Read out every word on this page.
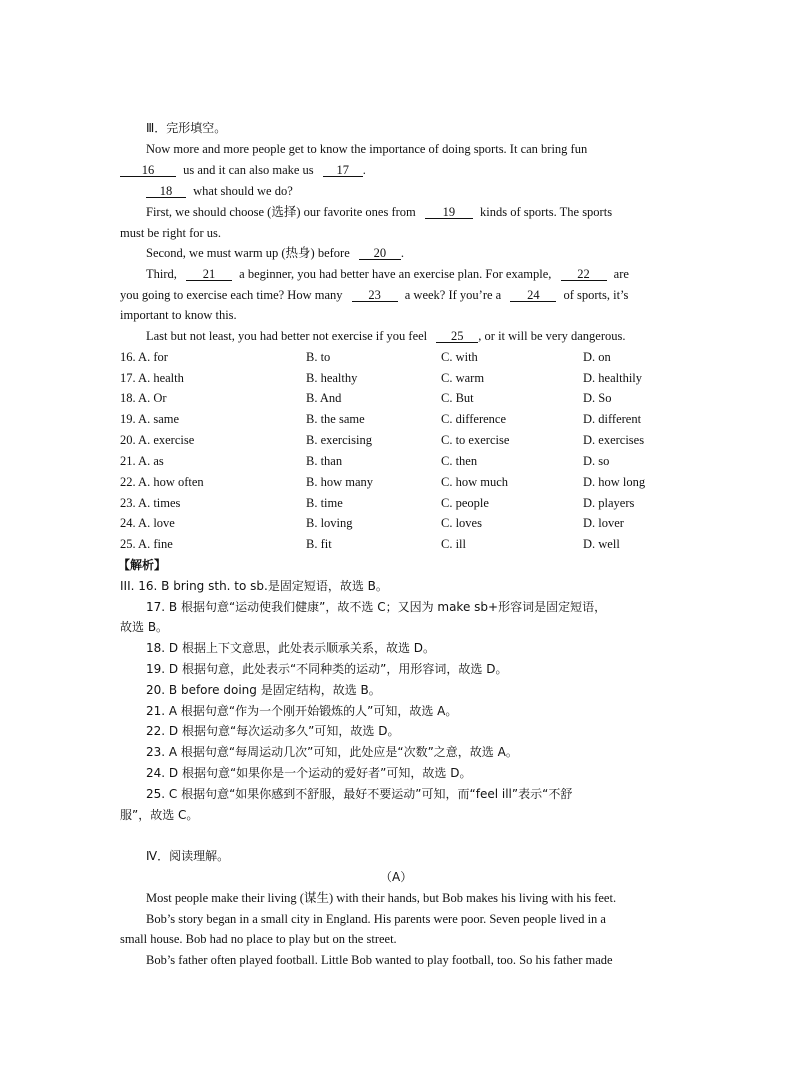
Ⅲ．完形填空。
Now more and more people get to know the importance of doing sports. It can bring fun
16 us and it can also make us 17 .
18 what should we do?
First, we should choose (选择) our favorite ones from 19 kinds of sports. The sports
must be right for us.
Second, we must warm up (热身) before 20 .
Third, 21 a beginner, you had better have an exercise plan. For example, 22 are
you going to exercise each time? How many 23 a week? If you’re a 24 of sports, it’s
important to know this.
Last but not least, you had better not exercise if you feel 25 , or it will be very dangerous.
16. A. for	B. to	C. with	D. on
17. A. health	B. healthy	C. warm	D. healthily
18. A. Or	B. And	C. But	D. So
19. A. same	B. the same	C. difference	D. different
20. A. exercise	B. exercising	C. to exercise	D. exercises
21. A. as	B. than	C. then	D. so
22. A. how often	B. how many	C. how much	D. how long
23. A. times	B. time	C. people	D. players
24. A. love	B. loving	C. loves	D. lover
25. A. fine	B. fit	C. ill	D. well
【解析】
III. 16. B bring sth. to sb.是固定短语，故选 B。
17. B 根据句意“运动使我们健康”，故不选 C；又因为 make sb+形容词是固定短语，
故选 B。
18. D 根据上下文意思，此处表示顺承关系，故选 D。
19. D 根据句意，此处表示“不同种类的运动”，用形容词，故选 D。
20. B before doing 是固定结构，故选 B。
21. A 根据句意“作为一个刚开始锻炼的人”可知，故选 A。
22. D 根据句意“每次运动多久”可知，故选 D。
23. A 根据句意“每周运动几次”可知，此处应是“次数”之意，故选 A。
24. D 根据句意“如果你是一个运动的爱好者”可知，故选 D。
25. C 根据句意“如果你感到不舒服，最好不要运动”可知，而“feel ill”表示“不舒
服”，故选 C。
Ⅳ．阅读理解。
（A）
Most people make their living (谋生) with their hands, but Bob makes his living with his feet.
Bob’s story began in a small city in England. His parents were poor. Seven people lived in a
small house. Bob had no place to play but on the street.
Bob’s father often played football. Little Bob wanted to play football, too. So his father made
